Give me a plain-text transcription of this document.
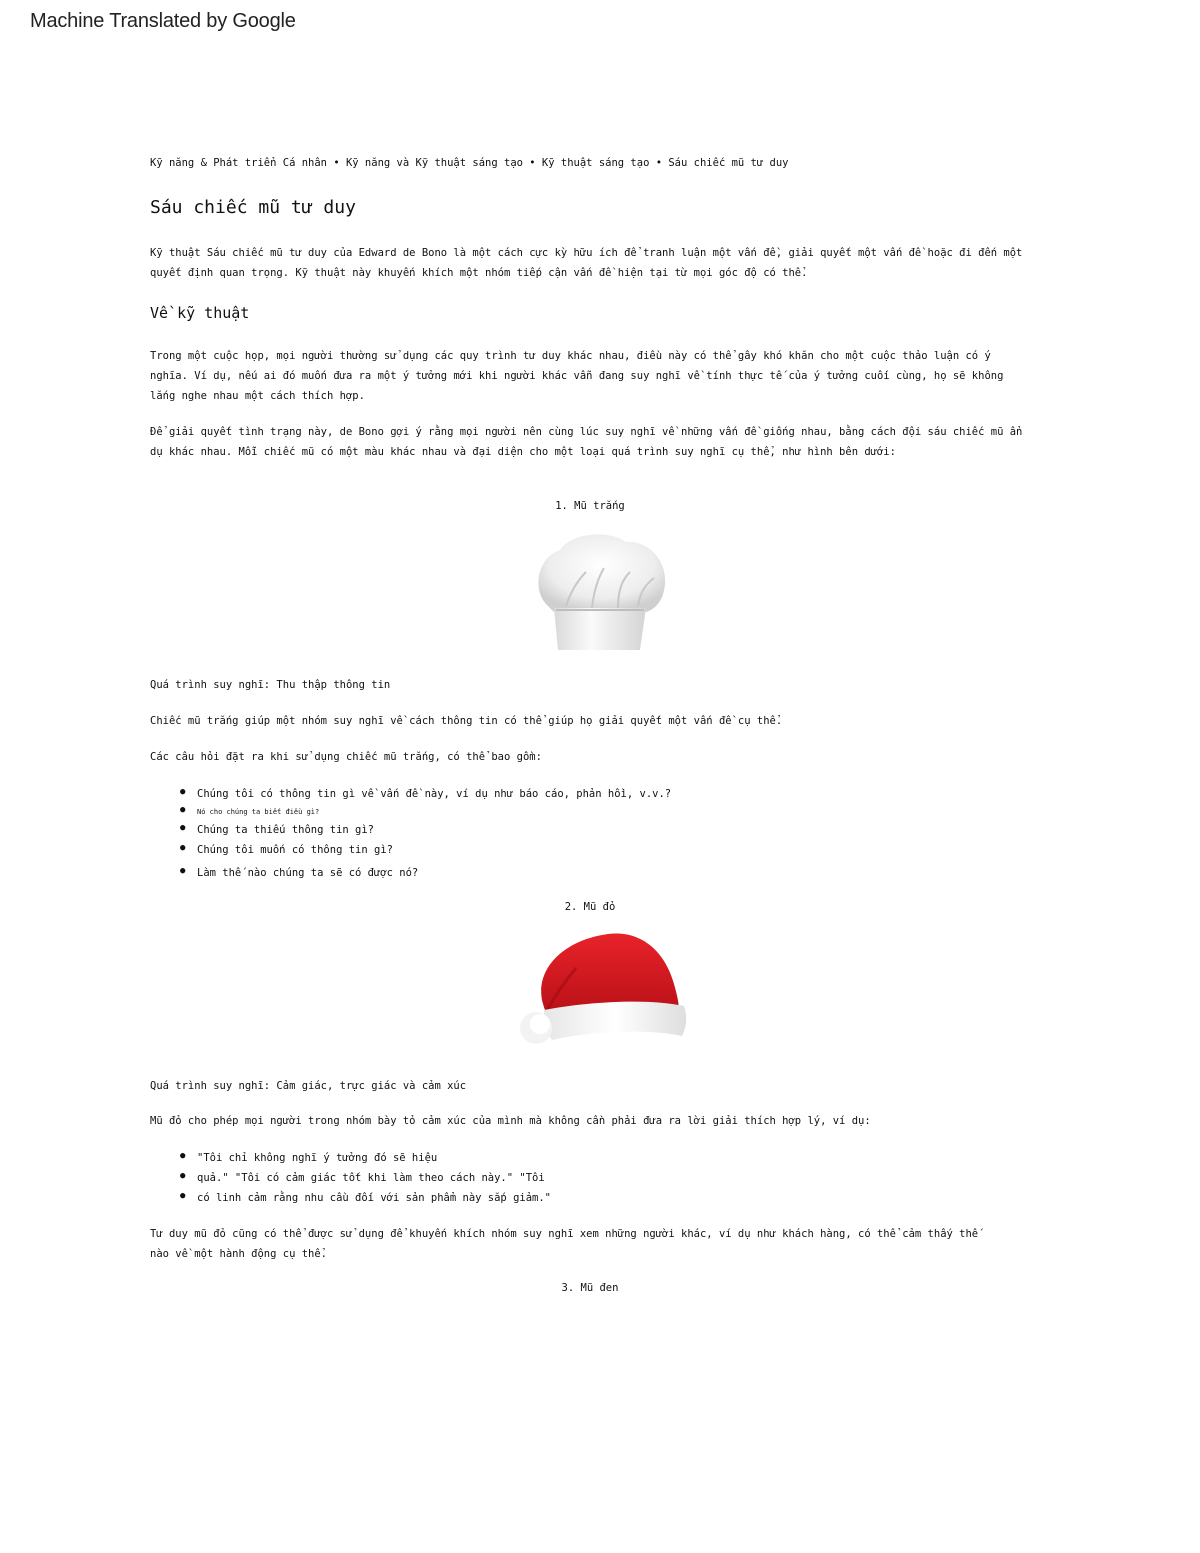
Machine Translated by Google
Kỹ năng & Phát triển Cá nhân • Kỹ năng và Kỹ thuật sáng tạo • Kỹ thuật sáng tạo • Sáu chiếc mũ tư duy
Sáu chiếc mũ tư duy

Kỹ thuật Sáu chiếc mũ tư duy của Edward de Bono là một cách cực kỳ hữu ích để tranh luận một vấn đề, giải quyết một vấn đề hoặc đi đến một quyết định quan trọng. Kỹ thuật này khuyến khích một nhóm tiếp cận vấn đề hiện tại từ mọi góc độ có thể.

Về kỹ thuật

Trong một cuộc họp, mọi người thường sử dụng các quy trình tư duy khác nhau, điều này có thể gây khó khăn cho một cuộc thảo luận có ý nghĩa. Ví dụ, nếu ai đó muốn đưa ra một ý tưởng mới khi người khác vẫn đang suy nghĩ về tính thực tế của ý tưởng cuối cùng, họ sẽ không lắng nghe nhau một cách thích hợp.

Để giải quyết tình trạng này, de Bono gợi ý rằng mọi người nên cùng lúc suy nghĩ về những vấn đề giống nhau, bằng cách đội sáu chiếc mũ ẩn dụ khác nhau. Mỗi chiếc mũ có một màu khác nhau và đại diện cho một loại quá trình suy nghĩ cụ thể, như hình bên dưới:

1. Mũ trắng
Quá trình suy nghĩ: Thu thập thông tin
Chiếc mũ trắng giúp một nhóm suy nghĩ về cách thông tin có thể giúp họ giải quyết một vấn đề cụ thể.
Các câu hỏi đặt ra khi sử dụng chiếc mũ trắng, có thể bao gồm:
● Chúng tôi có thông tin gì về vấn đề này, ví dụ như báo cáo, phản hồi, v.v.?
● Nó cho chúng ta biết điều gì?
● Chúng ta thiếu thông tin gì?
● Chúng tôi muốn có thông tin gì?
● Làm thế nào chúng ta sẽ có được nó?
2. Mũ đỏ
Quá trình suy nghĩ: Cảm giác, trực giác và cảm xúc
Mũ đỏ cho phép mọi người trong nhóm bày tỏ cảm xúc của mình mà không cần phải đưa ra lời giải thích hợp lý, ví dụ:
● "Tôi chỉ không nghĩ ý tưởng đó sẽ hiệu
● quả." "Tôi có cảm giác tốt khi làm theo cách này." "Tôi
● có linh cảm rằng nhu cầu đối với sản phẩm này sắp giảm."

Tư duy mũ đỏ cũng có thể được sử dụng để khuyến khích nhóm suy nghĩ xem những người khác, ví dụ như khách hàng, có thể cảm thấy thế nào về một hành động cụ thể.

3. Mũ đen
